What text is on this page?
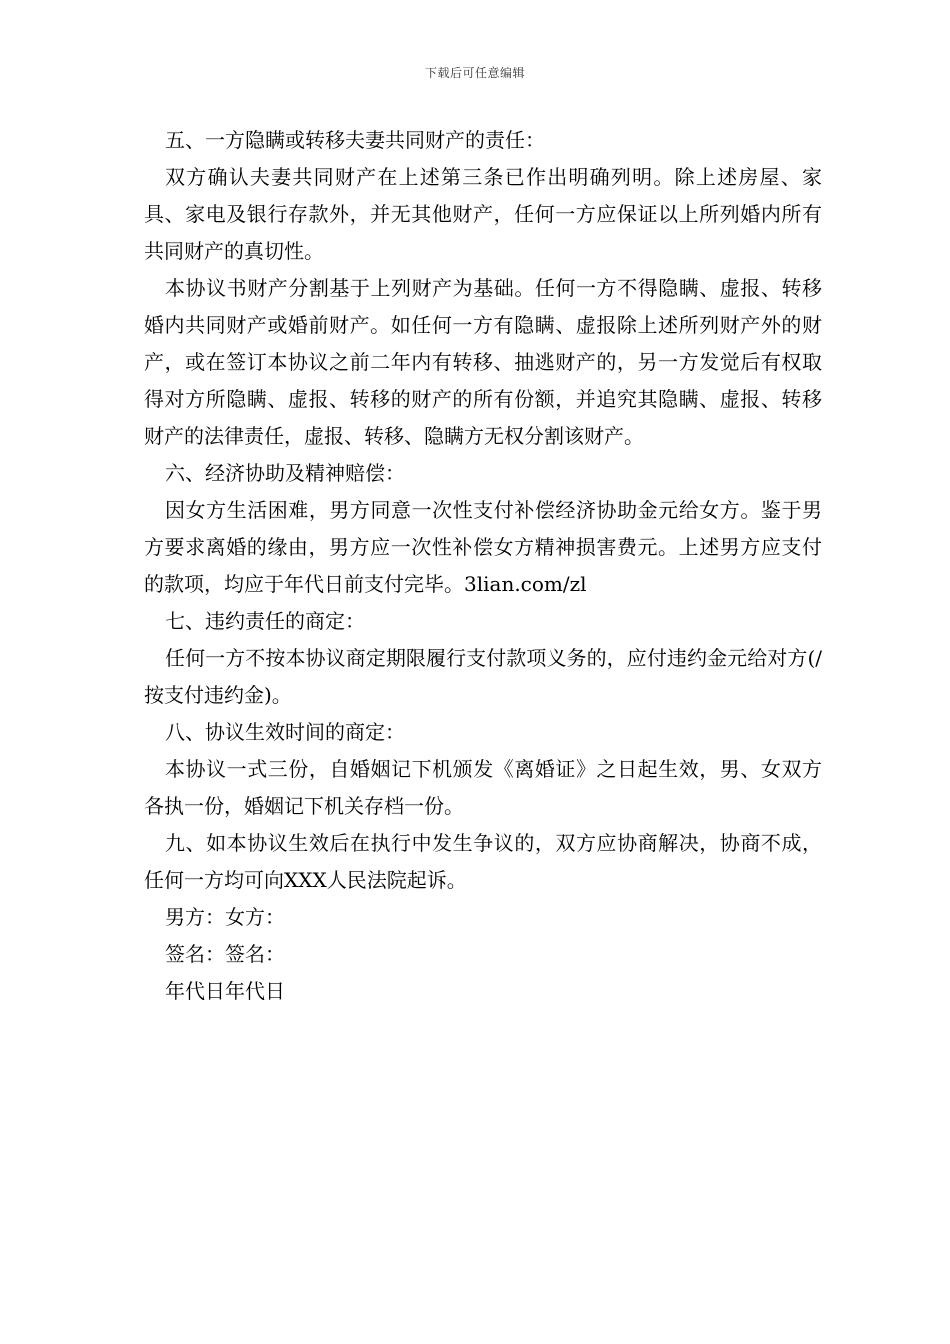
下载后可任意编辑

五、一方隐瞒或转移夫妻共同财产的责任：

双方确认夫妻共同财产在上述第三条已作出明确列明。除上述房屋、家具、家电及银行存款外，并无其他财产，任何一方应保证以上所列婚内所有共同财产的真切性。

本协议书财产分割基于上列财产为基础。任何一方不得隐瞒、虚报、转移婚内共同财产或婚前财产。如任何一方有隐瞒、虚报除上述所列财产外的财产，或在签订本协议之前二年内有转移、抽逃财产的，另一方发觉后有权取得对方所隐瞒、虚报、转移的财产的所有份额，并追究其隐瞒、虚报、转移财产的法律责任，虚报、转移、隐瞒方无权分割该财产。

六、经济协助及精神赔偿：

因女方生活困难，男方同意一次性支付补偿经济协助金元给女方。鉴于男方要求离婚的缘由，男方应一次性补偿女方精神损害费元。上述男方应支付的款项，均应于年代日前支付完毕。3lian.com/zl

七、违约责任的商定：

任何一方不按本协议商定期限履行支付款项义务的，应付违约金元给对方(/按支付违约金)。

八、协议生效时间的商定：

本协议一式三份，自婚姻记下机颁发《离婚证》之日起生效，男、女双方各执一份，婚姻记下机关存档一份。

九、如本协议生效后在执行中发生争议的，双方应协商解决，协商不成，任何一方均可向XXX人民法院起诉。

男方：女方：

签名：签名：

年代日年代日
